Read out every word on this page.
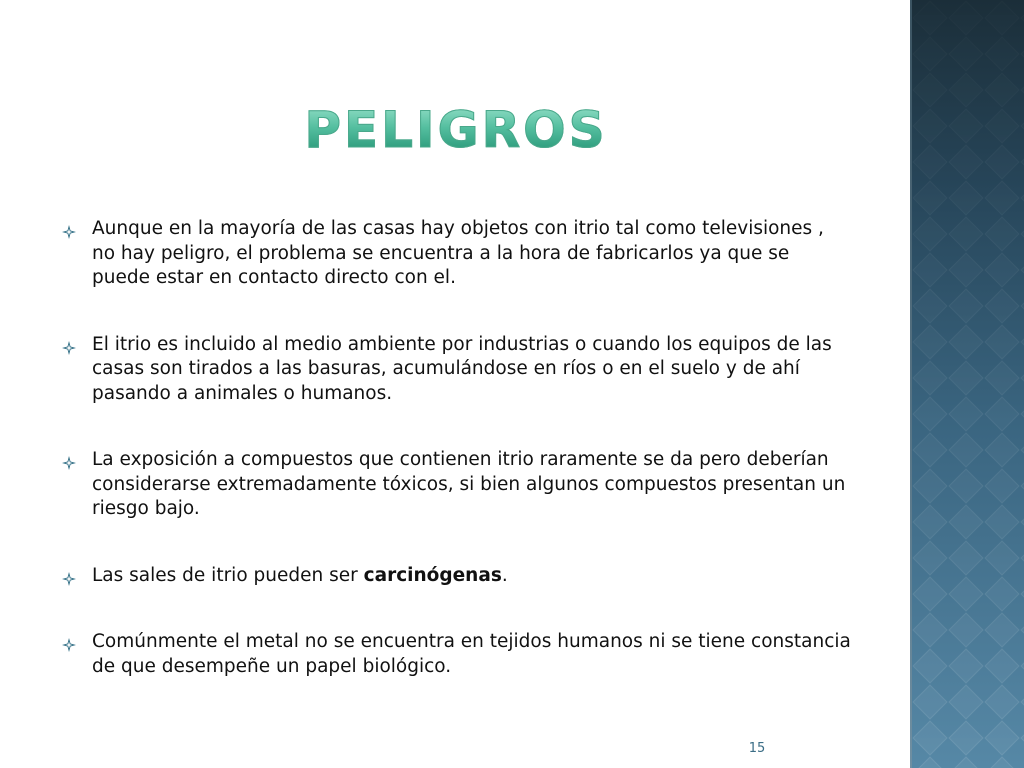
PELIGROS
Aunque en la mayoría de las casas hay objetos con itrio tal como televisiones , no hay peligro, el problema se encuentra a la hora de fabricarlos ya que se puede estar en contacto directo con el.
El itrio es incluido al medio ambiente por industrias o cuando los equipos de las casas son tirados a las basuras, acumulándose en ríos o en el suelo y de ahí pasando a animales o humanos.
La exposición a compuestos que contienen itrio raramente se da pero deberían considerarse extremadamente tóxicos, si bien algunos compuestos presentan un riesgo bajo.
Las sales de itrio pueden ser carcinógenas.
Comúnmente el metal no se encuentra en tejidos humanos ni se tiene constancia de que desempeñe un papel biológico.
15
